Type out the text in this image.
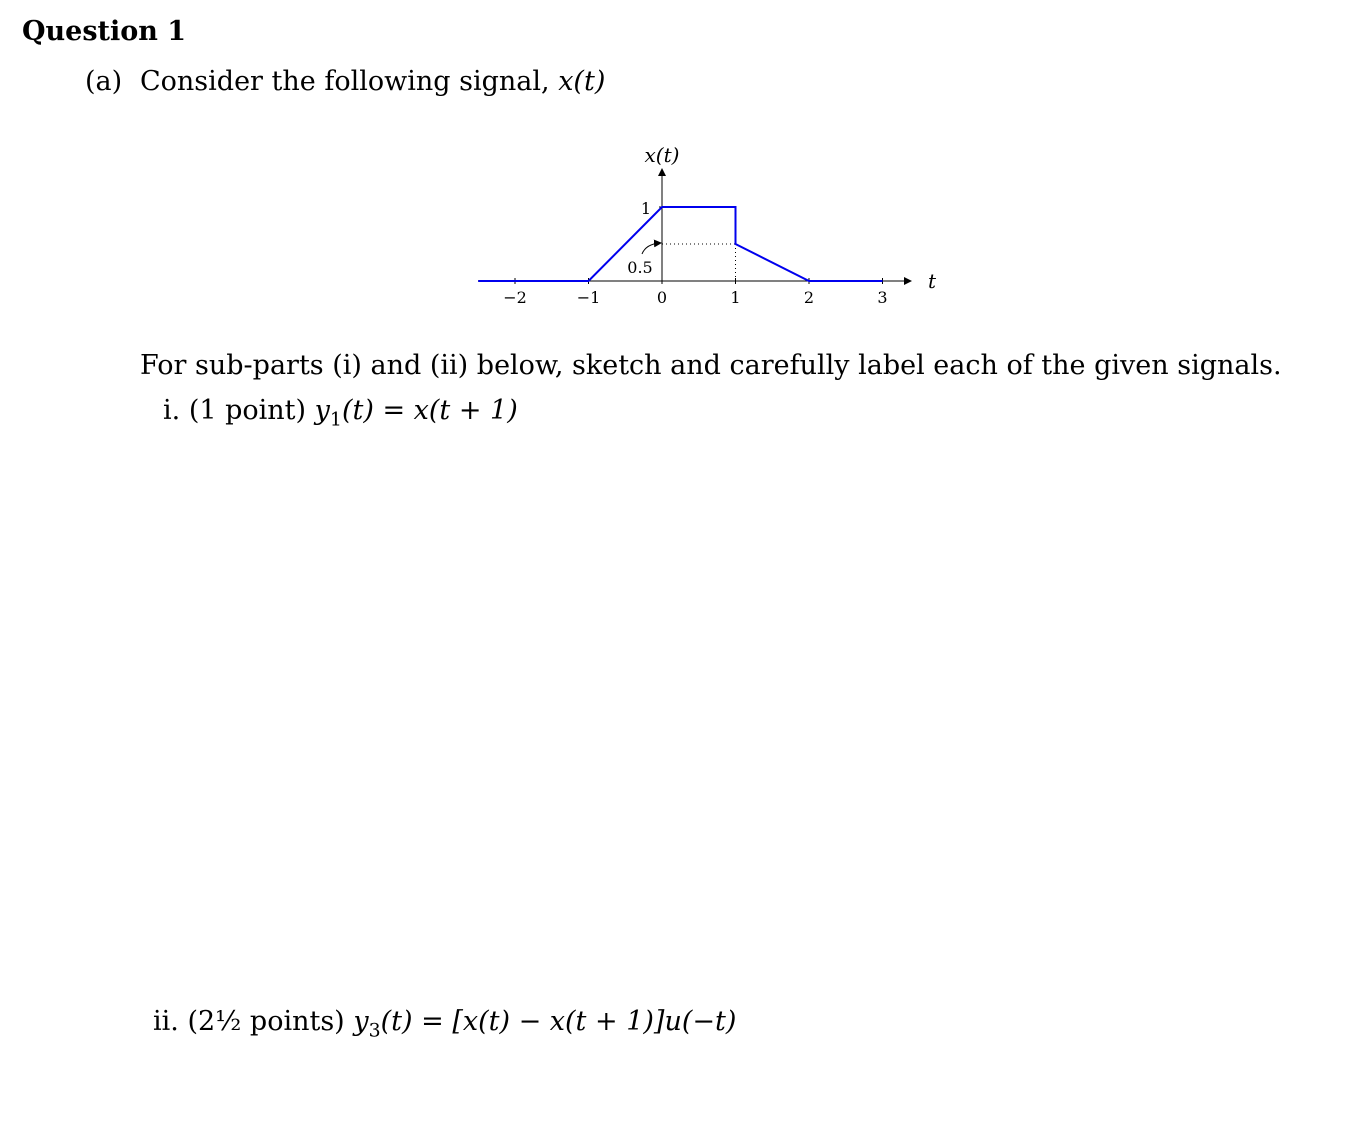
Question 1
(a) Consider the following signal, x(t)
x(t)
t
1
0.5
−2	−1	0	1	2	3
For sub-parts (i) and (ii) below, sketch and carefully label each of the given signals.
i. (1 point) $y_1(t) = x(t + 1)$
ii. (2½ points) $y_3(t) = [x(t) - x(t + 1)]u(-t)$
